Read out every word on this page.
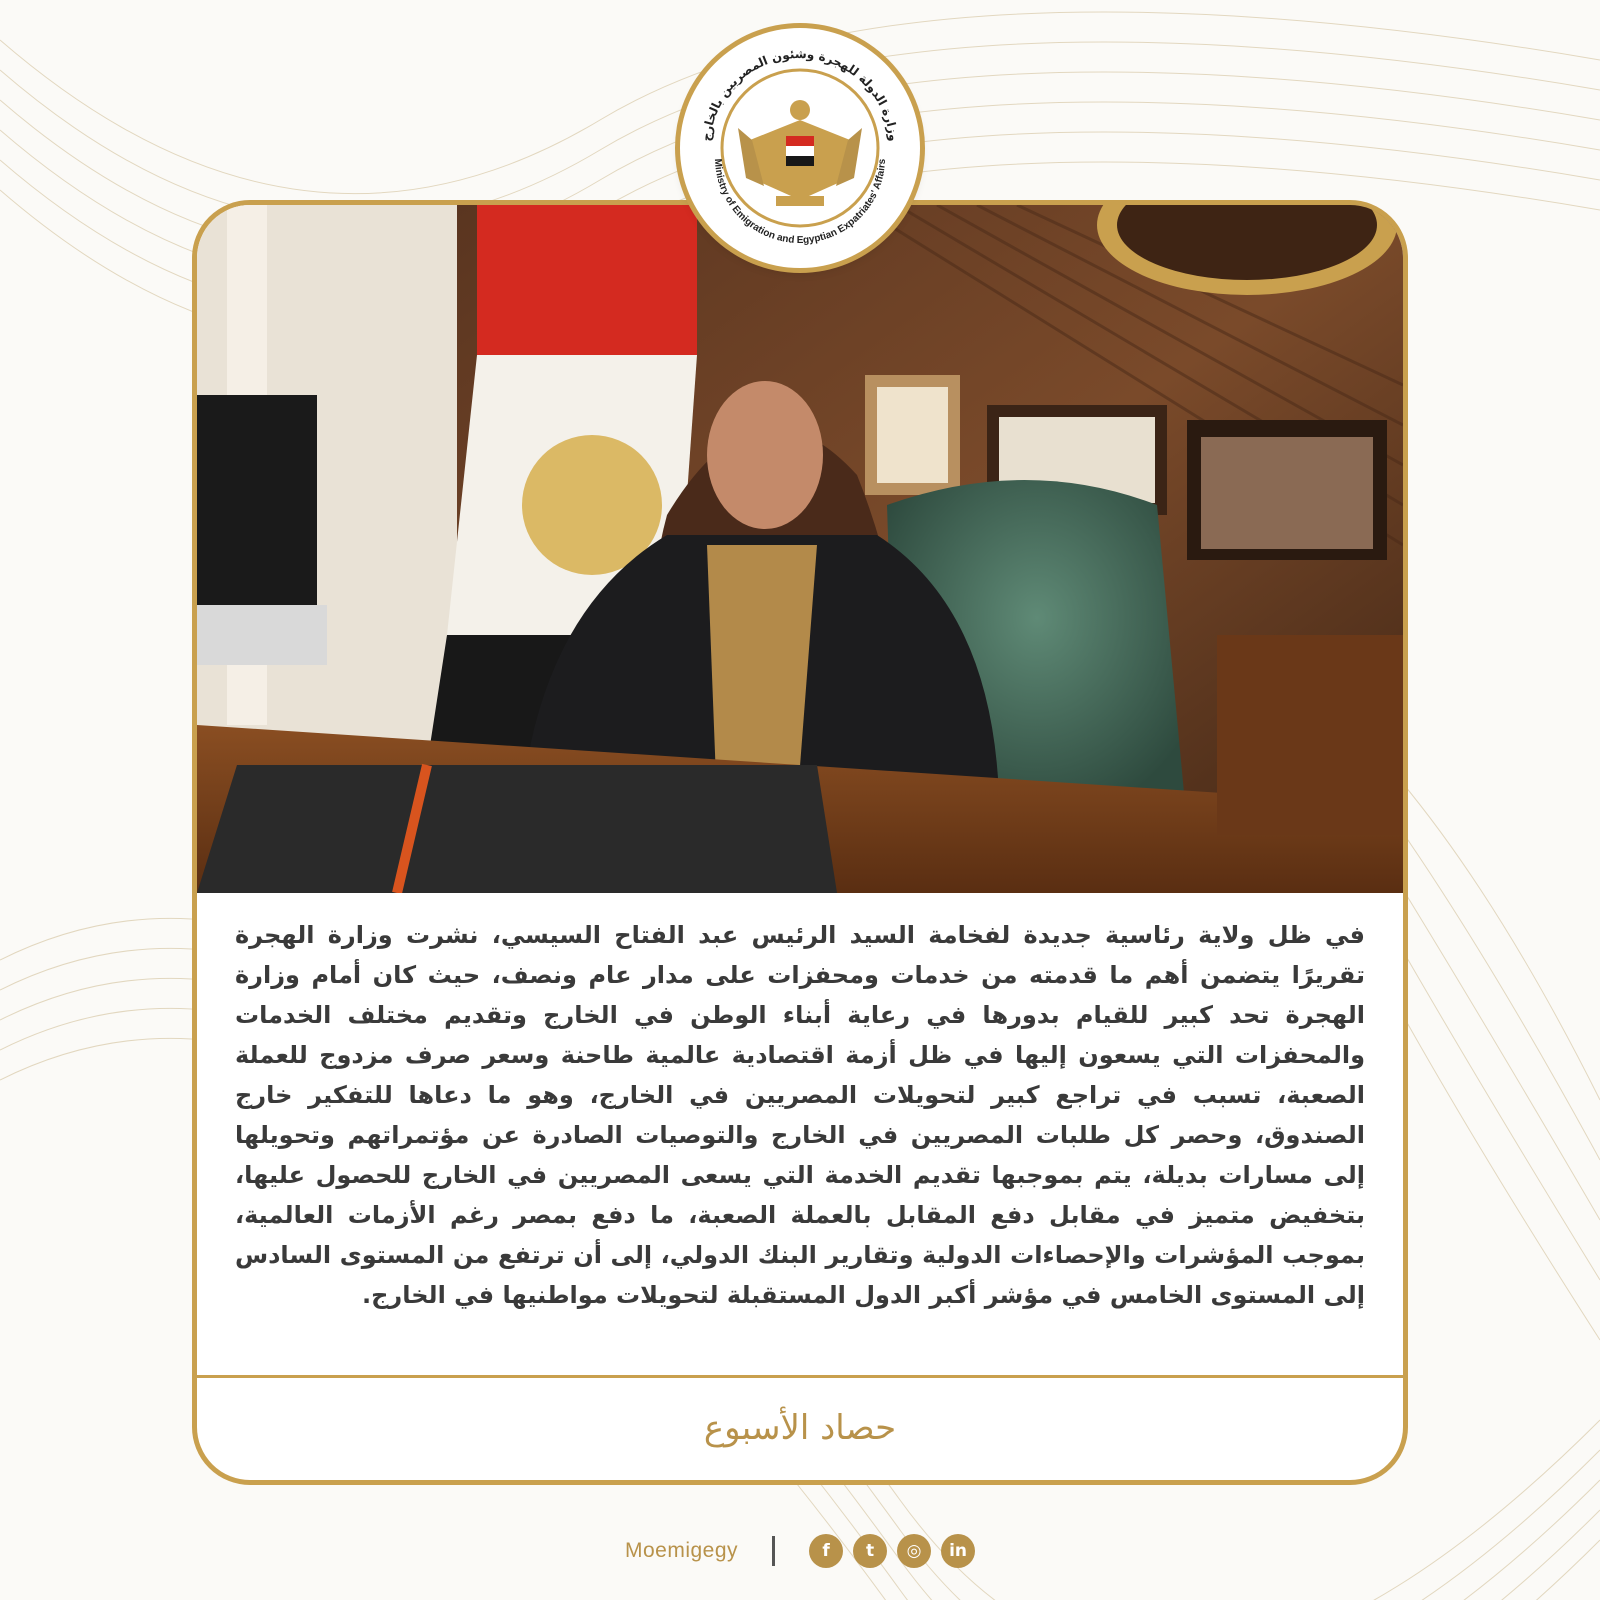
في ظل ولاية رئاسية جديدة لفخامة السيد الرئيس عبد الفتاح السيسي، نشرت وزارة الهجرة تقريرًا يتضمن أهم ما قدمته من خدمات ومحفزات على مدار عام ونصف، حيث كان أمام وزارة الهجرة تحد كبير للقيام بدورها في رعاية أبناء الوطن في الخارج وتقديم مختلف الخدمات والمحفزات التي يسعون إليها في ظل أزمة اقتصادية عالمية طاحنة وسعر صرف مزدوج للعملة الصعبة، تسبب في تراجع كبير لتحويلات المصريين في الخارج، وهو ما دعاها للتفكير خارج الصندوق، وحصر كل طلبات المصريين في الخارج والتوصيات الصادرة عن مؤتمراتهم وتحويلها إلى مسارات بديلة، يتم بموجبها تقديم الخدمة التي يسعى المصريين في الخارج للحصول عليها، بتخفيض متميز في مقابل دفع المقابل بالعملة الصعبة، ما دفع بمصر رغم الأزمات العالمية، بموجب المؤشرات والإحصاءات الدولية وتقارير البنك الدولي، إلى أن ترتفع من المستوى السادس إلى المستوى الخامس في مؤشر أكبر الدول المستقبلة لتحويلات مواطنيها في الخارج.

حصاد الأسبوع
وزارة الدولة للهجرة وشئون المصريين بالخارج
Ministry of Emigration and Egyptian Expatriates' Affairs
Moemigegy	f	t	◎	in
